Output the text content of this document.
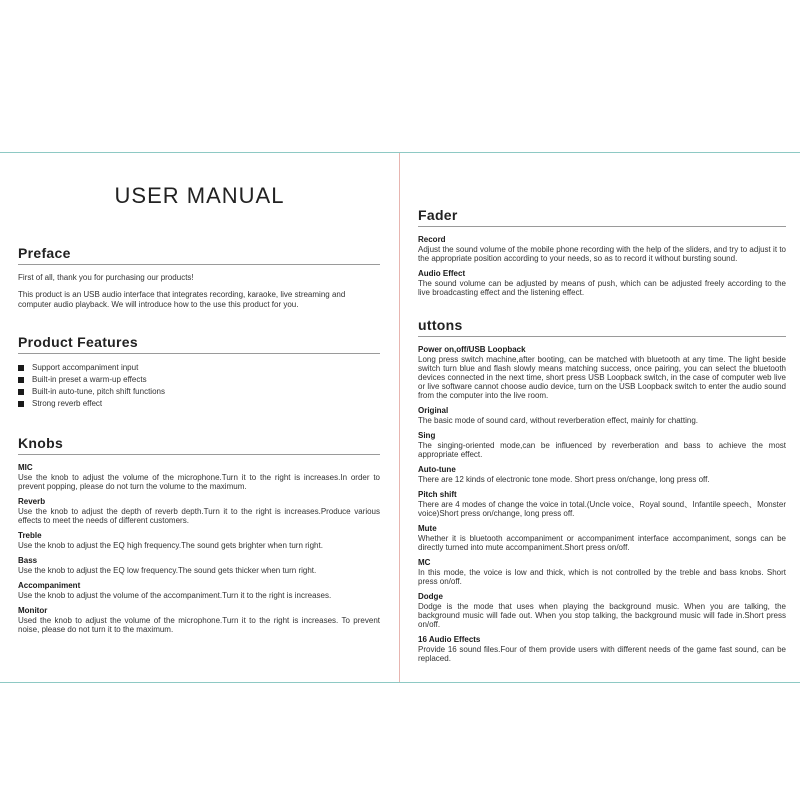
USER MANUAL
Preface

First of all, thank you for purchasing our products!

This product is an USB audio interface that integrates recording, karaoke, live streaming and computer audio playback. We will introduce how to the use this product for you.

Product Features
Support accompaniment input
Built-in preset a warm-up effects
Built-in auto-tune, pitch shift functions
Strong reverb effect
Knobs
MIC
Use the knob to adjust the volume of the microphone.Turn it to the right is increases.In order to prevent popping, please do not turn the volume to the maximum.
Reverb
Use the knob to adjust the depth of reverb depth.Turn it to the right is increases.Produce various effects to meet the needs of different customers.
Treble
Use the knob to adjust the EQ high frequency.The sound gets brighter when turn right.
Bass
Use the knob to adjust the EQ low frequency.The sound gets thicker when turn right.
Accompaniment
Use the knob to adjust the volume of the accompaniment.Turn it to the right is increases.
Monitor
Used the knob to adjust the volume of the microphone.Turn it to the right is increases. To prevent noise, please do not turn it to the maximum.
Fader
Record
Adjust the sound volume of the mobile phone recording with the help of the sliders, and try to adjust it to the appropriate position according to your needs, so as to record it without bursting sound.
Audio Effect
The sound volume can be adjusted by means of push, which can be adjusted freely according to the live broadcasting effect and the listening effect.
uttons
Power on,off/USB Loopback
Long press switch machine,after booting, can be matched with bluetooth at any time. The light beside switch turn blue and flash slowly means matching success, once pairing, you can select the bluetooth devices connected in the next time, short press USB Loopback switch, in the case of computer web live or live software cannot choose audio device, turn on the USB Loopback switch to enter the audio sound from the computer into the live room.
Original
The basic mode of sound card, without reverberation effect, mainly for chatting.
Sing
The singing-oriented mode,can be influenced by reverberation and bass to achieve the most appropriate effect.
Auto-tune
There are 12 kinds of electronic tone mode. Short press on/change, long press off.
Pitch shift
There are 4 modes of change the voice in total.(Uncle voice、Royal sound、Infantile speech、Monster voice)Short press on/change, long press off.
Mute
Whether it is bluetooth accompaniment or accompaniment interface accompaniment, songs can be directly turned into mute accompaniment.Short press on/off.
MC
In this mode, the voice is low and thick, which is not controlled by the treble and bass knobs. Short press on/off.
Dodge
Dodge is the mode that uses when playing the background music. When you are talking, the background music will fade out. When you stop talking, the background music will fade in.Short press on/off.
16 Audio Effects
Provide 16 sound files.Four of them provide users with different needs of the game fast sound, can be replaced.
